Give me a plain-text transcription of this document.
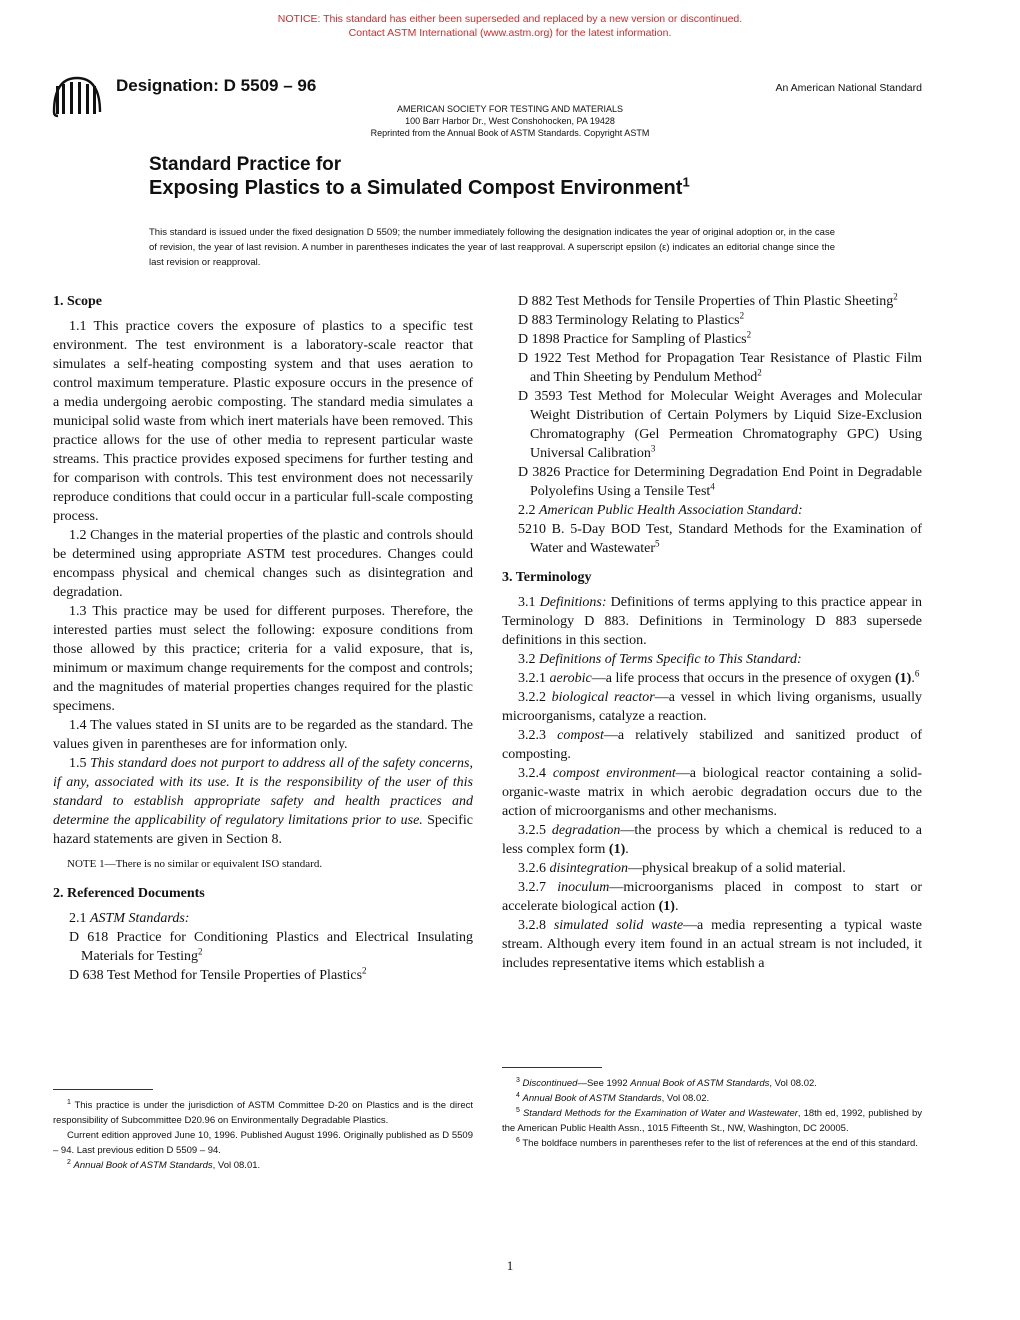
NOTICE: This standard has either been superseded and replaced by a new version or discontinued.
Contact ASTM International (www.astm.org) for the latest information.
Designation: D 5509 – 96	An American National Standard
AMERICAN SOCIETY FOR TESTING AND MATERIALS
100 Barr Harbor Dr., West Conshohocken, PA 19428
Reprinted from the Annual Book of ASTM Standards. Copyright ASTM
Standard Practice for
Exposing Plastics to a Simulated Compost Environment$^1$
This standard is issued under the fixed designation D 5509; the number immediately following the designation indicates the year of original adoption or, in the case of revision, the year of last revision. A number in parentheses indicates the year of last reapproval. A superscript epsilon (ε) indicates an editorial change since the last revision or reapproval.
1. Scope

1.1 This practice covers the exposure of plastics to a specific test environment. The test environment is a laboratory-scale reactor that simulates a self-heating composting system and that uses aeration to control maximum temperature. Plastic exposure occurs in the presence of a media undergoing aerobic composting. The standard media simulates a municipal solid waste from which inert materials have been removed. This practice allows for the use of other media to represent particular waste streams. This practice provides exposed specimens for further testing and for comparison with controls. This test environment does not necessarily reproduce conditions that could occur in a particular full-scale composting process.

1.2 Changes in the material properties of the plastic and controls should be determined using appropriate ASTM test procedures. Changes could encompass physical and chemical changes such as disintegration and degradation.

1.3 This practice may be used for different purposes. Therefore, the interested parties must select the following: exposure conditions from those allowed by this practice; criteria for a valid exposure, that is, minimum or maximum change requirements for the compost and controls; and the magnitudes of material properties changes required for the plastic specimens.

1.4 The values stated in SI units are to be regarded as the standard. The values given in parentheses are for information only.

1.5 This standard does not purport to address all of the safety concerns, if any, associated with its use. It is the responsibility of the user of this standard to establish appropriate safety and health practices and determine the applicability of regulatory limitations prior to use. Specific hazard statements are given in Section 8.

NOTE 1—There is no similar or equivalent ISO standard.
2. Referenced Documents

2.1 ASTM Standards:

D 618 Practice for Conditioning Plastics and Electrical Insulating Materials for Testing$^2$

D 638 Test Method for Tensile Properties of Plastics$^2$

$^1$ This practice is under the jurisdiction of ASTM Committee D-20 on Plastics and is the direct responsibility of Subcommittee D20.96 on Environmentally Degradable Plastics.
Current edition approved June 10, 1996. Published August 1996. Originally published as D 5509 – 94. Last previous edition D 5509 – 94.
$^2$ Annual Book of ASTM Standards, Vol 08.01.

D 882 Test Methods for Tensile Properties of Thin Plastic Sheeting$^2$

D 883 Terminology Relating to Plastics$^2$

D 1898 Practice for Sampling of Plastics$^2$

D 1922 Test Method for Propagation Tear Resistance of Plastic Film and Thin Sheeting by Pendulum Method$^2$

D 3593 Test Method for Molecular Weight Averages and Molecular Weight Distribution of Certain Polymers by Liquid Size-Exclusion Chromatography (Gel Permeation Chromatography GPC) Using Universal Calibration$^3$

D 3826 Practice for Determining Degradation End Point in Degradable Polyolefins Using a Tensile Test$^4$

2.2 American Public Health Association Standard:

5210 B. 5-Day BOD Test, Standard Methods for the Examination of Water and Wastewater$^5$

3. Terminology

3.1 Definitions: Definitions of terms applying to this practice appear in Terminology D 883. Definitions in Terminology D 883 supersede definitions in this section.

3.2 Definitions of Terms Specific to This Standard:

3.2.1 aerobic—a life process that occurs in the presence of oxygen (1).$^6$

3.2.2 biological reactor—a vessel in which living organisms, usually microorganisms, catalyze a reaction.

3.2.3 compost—a relatively stabilized and sanitized product of composting.

3.2.4 compost environment—a biological reactor containing a solid-organic-waste matrix in which aerobic degradation occurs due to the action of microorganisms and other mechanisms.

3.2.5 degradation—the process by which a chemical is reduced to a less complex form (1).

3.2.6 disintegration—physical breakup of a solid material.

3.2.7 inoculum—microorganisms placed in compost to start or accelerate biological action (1).

3.2.8 simulated solid waste—a media representing a typical waste stream. Although every item found in an actual stream is not included, it includes representative items which establish a

$^3$ Discontinued—See 1992 Annual Book of ASTM Standards, Vol 08.02.
$^4$ Annual Book of ASTM Standards, Vol 08.02.
$^5$ Standard Methods for the Examination of Water and Wastewater, 18th ed, 1992, published by the American Public Health Assn., 1015 Fifteenth St., NW, Washington, DC 20005.
$^6$ The boldface numbers in parentheses refer to the list of references at the end of this standard.
1
